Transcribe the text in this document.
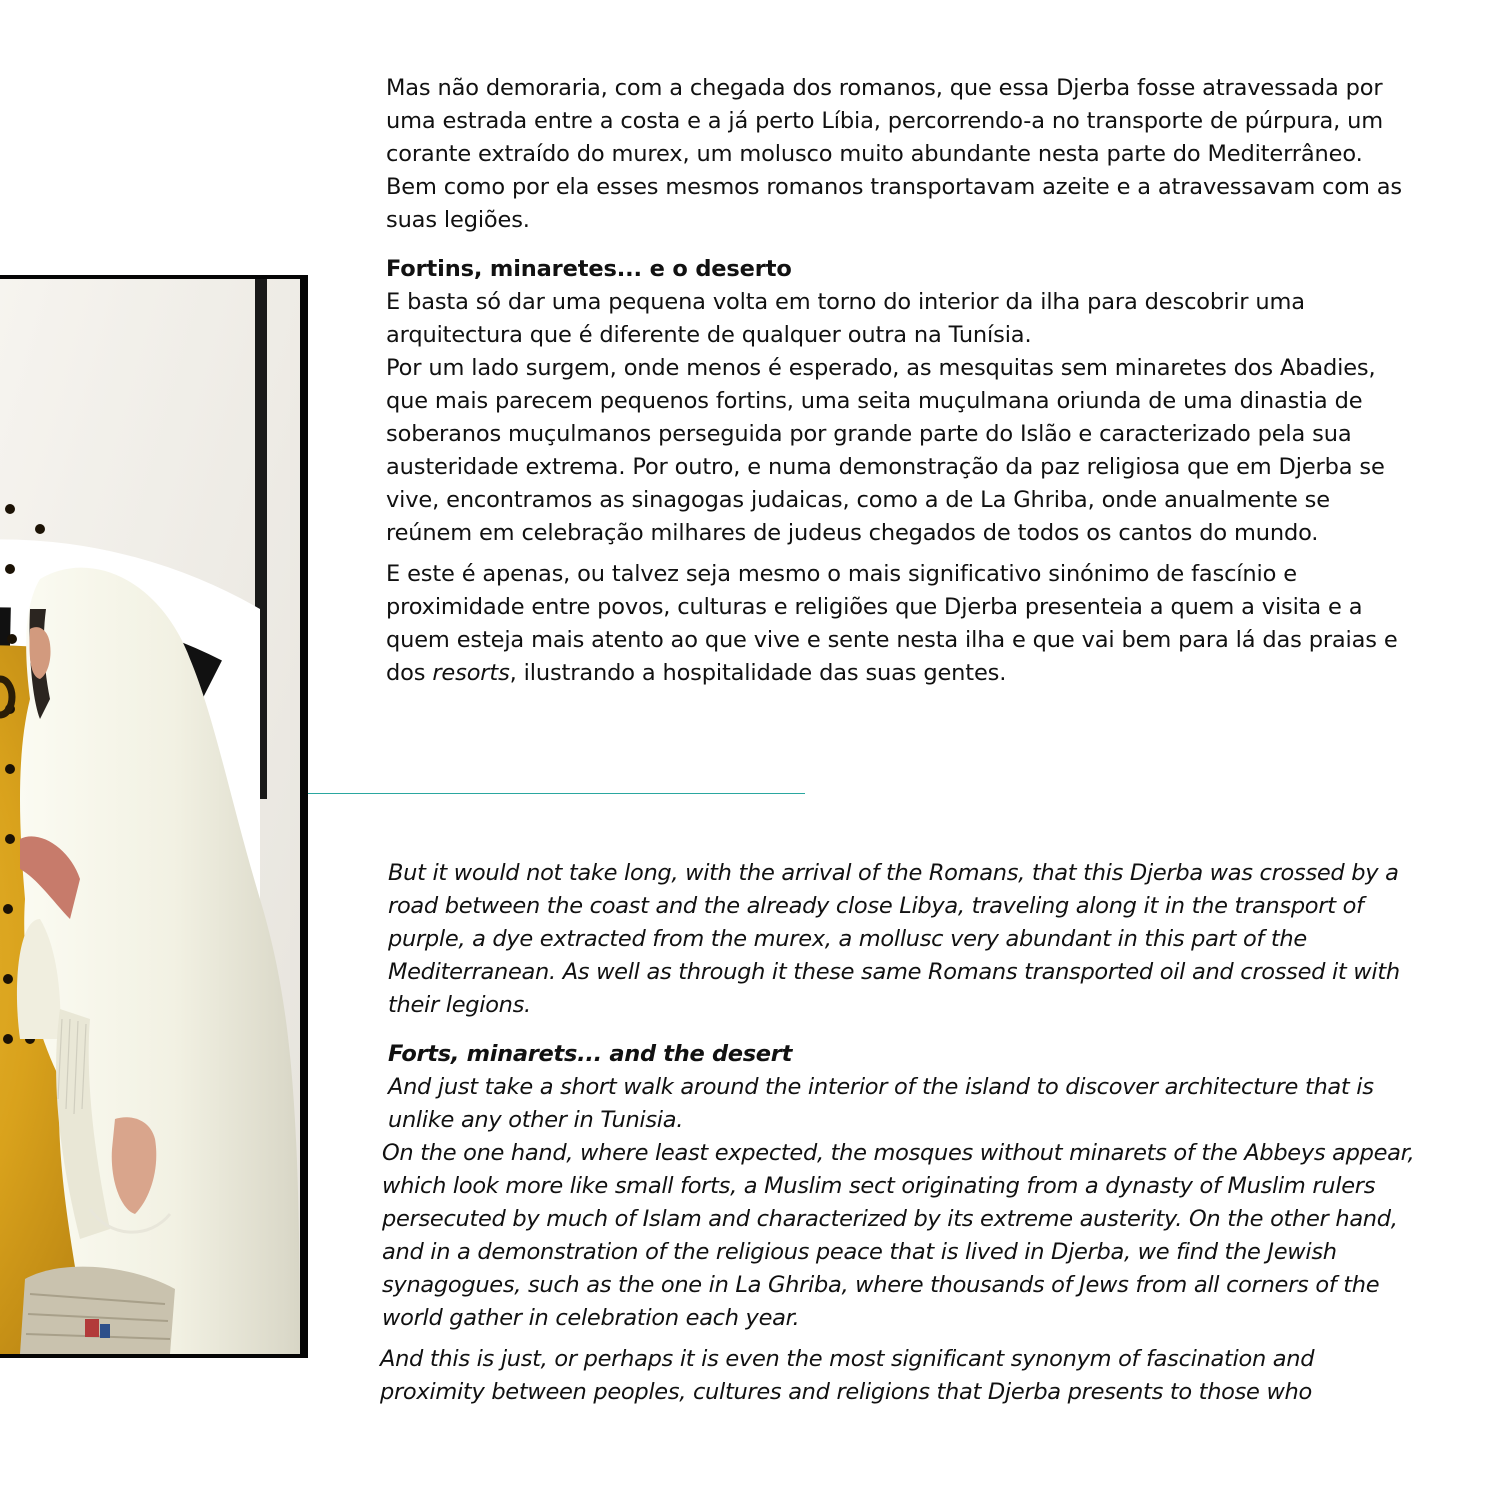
Mas não demoraria, com a chegada dos romanos, que essa Djerba fosse atravessada por uma estrada entre a costa e a já perto Líbia, percorrendo-a no transporte de púrpura, um corante extraído do murex, um molusco muito abundante nesta parte do Mediterrâneo. Bem como por ela esses mesmos romanos transportavam azeite e a atravessavam com as suas legiões.

Fortins, minaretes... e o deserto

E basta só dar uma pequena volta em torno do interior da ilha para descobrir uma arquitectura que é diferente de qualquer outra na Tunísia.

Por um lado surgem, onde menos é esperado, as mesquitas sem minaretes dos Abadies, que mais parecem pequenos fortins, uma seita muçulmana oriunda de uma dinastia de soberanos muçulmanos perseguida por grande parte do Islão e caracterizado pela sua austeridade extrema. Por outro, e numa demonstração da paz religiosa que em Djerba se vive, encontramos as sinagogas judaicas, como a de La Ghriba, onde anualmente se reúnem em celebração milhares de judeus chegados de todos os cantos do mundo.

E este é apenas, ou talvez seja mesmo o mais significativo sinónimo de fascínio e proximidade entre povos, culturas e religiões que Djerba presenteia a quem a visita e a quem esteja mais atento ao que vive e sente nesta ilha e que vai bem para lá das praias e dos resorts, ilustrando a hospitalidade das suas gentes.

But it would not take long, with the arrival of the Romans, that this Djerba was crossed by a road between the coast and the already close Libya, traveling along it in the transport of purple, a dye extracted from the murex, a mollusc very abundant in this part of the Mediterranean. As well as through it these same Romans transported oil and crossed it with their legions.

Forts, minarets... and the desert

And just take a short walk around the interior of the island to discover architecture that is unlike any other in Tunisia.

On the one hand, where least expected, the mosques without minarets of the Abbeys appear, which look more like small forts, a Muslim sect originating from a dynasty of Muslim rulers persecuted by much of Islam and characterized by its extreme austerity. On the other hand, and in a demonstration of the religious peace that is lived in Djerba, we find the Jewish synagogues, such as the one in La Ghriba, where thousands of Jews from all corners of the world gather in celebration each year.

And this is just, or perhaps it is even the most significant synonym of fascination and proximity between peoples, cultures and religions that Djerba presents to those who
